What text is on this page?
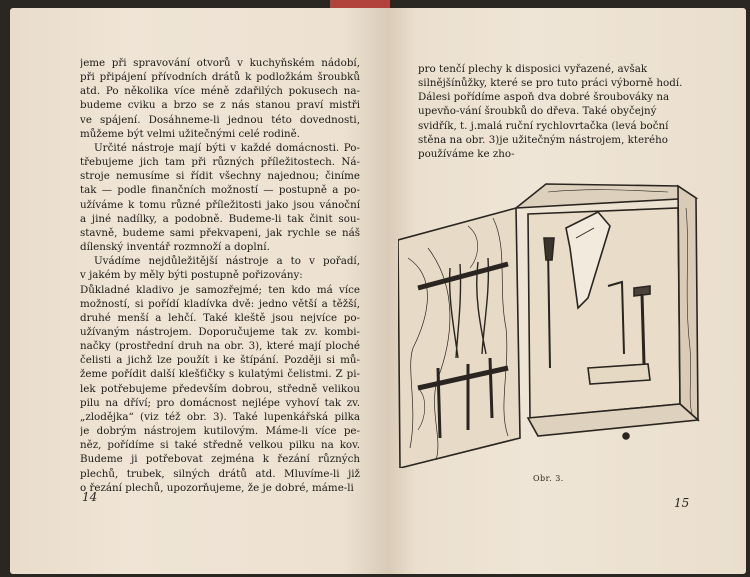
jeme při spravování otvorů v kuchyňském nádobí,
při připájení přívodních drátů k podložkám šroubků
atd. Po několika více méně zdařilých pokusech na-
budeme cviku a brzo se z nás stanou praví mistři
ve spájení. Dosáhneme-li jednou této dovednosti,
můžeme být velmi užitečnými celé rodině.
Určité nástroje mají býti v každé domácnosti. Po-
třebujeme jich tam při různých příležitostech. Ná-
stroje nemusíme si řídit všechny najednou; činíme
tak — podle finančních možností — postupně a po-
užíváme k tomu různé příležitosti jako jsou vánoční
a jiné nadílky, a podobně. Budeme-li tak činit sou-
stavně, budeme sami překvapeni, jak rychle se náš
dílenský inventář rozmnoží a doplní.
Uvádíme nejdůležitější nástroje a to v pořadí,
v jakém by měly býti postupně pořizovány:
Důkladné kladivo je samozřejmé; ten kdo má více
možností, si pořídí kladívka dvě: jedno větší a těžší,
druhé menší a lehčí. Také kleště jsou nejvíce po-
užívaným nástrojem. Doporučujeme tak zv. kombi-
načky (prostřední druh na obr. 3), které mají ploché
čelisti a jichž lze použít i ke štípání. Později si mů-
žeme pořídit další klešťičky s kulatými čelistmi. Z pi-
lek potřebujeme především dobrou, středně velikou
pilu na dříví; pro domácnost nejlépe vyhoví tak zv.
„zlodějka“ (viz též obr. 3). Také lupenkářská pilka
je dobrým nástrojem kutilovým. Máme-li více pe-
něz, pořídíme si také středně velkou pilku na kov.
Budeme ji potřebovat zejména k řezání různých
plechů, trubek, silných drátů atd. Mluvíme-li již
o řezání plechů, upozorňujeme, že je dobré, máme-li
14
pro tenčí plechy k disposici vyřazené, avšak silnějšínůžky, které se pro tuto práci výborně hodí. Dálesi pořídíme aspoň dva dobré šroubováky na upevňo-vání šroubků do dřeva. Také obyčejný svidřík, t. j.malá ruční rychlovrtačka (levá boční stěna na obr. 3)je užitečným nástrojem, kterého používáme ke zho-
Obr. 3.
15
